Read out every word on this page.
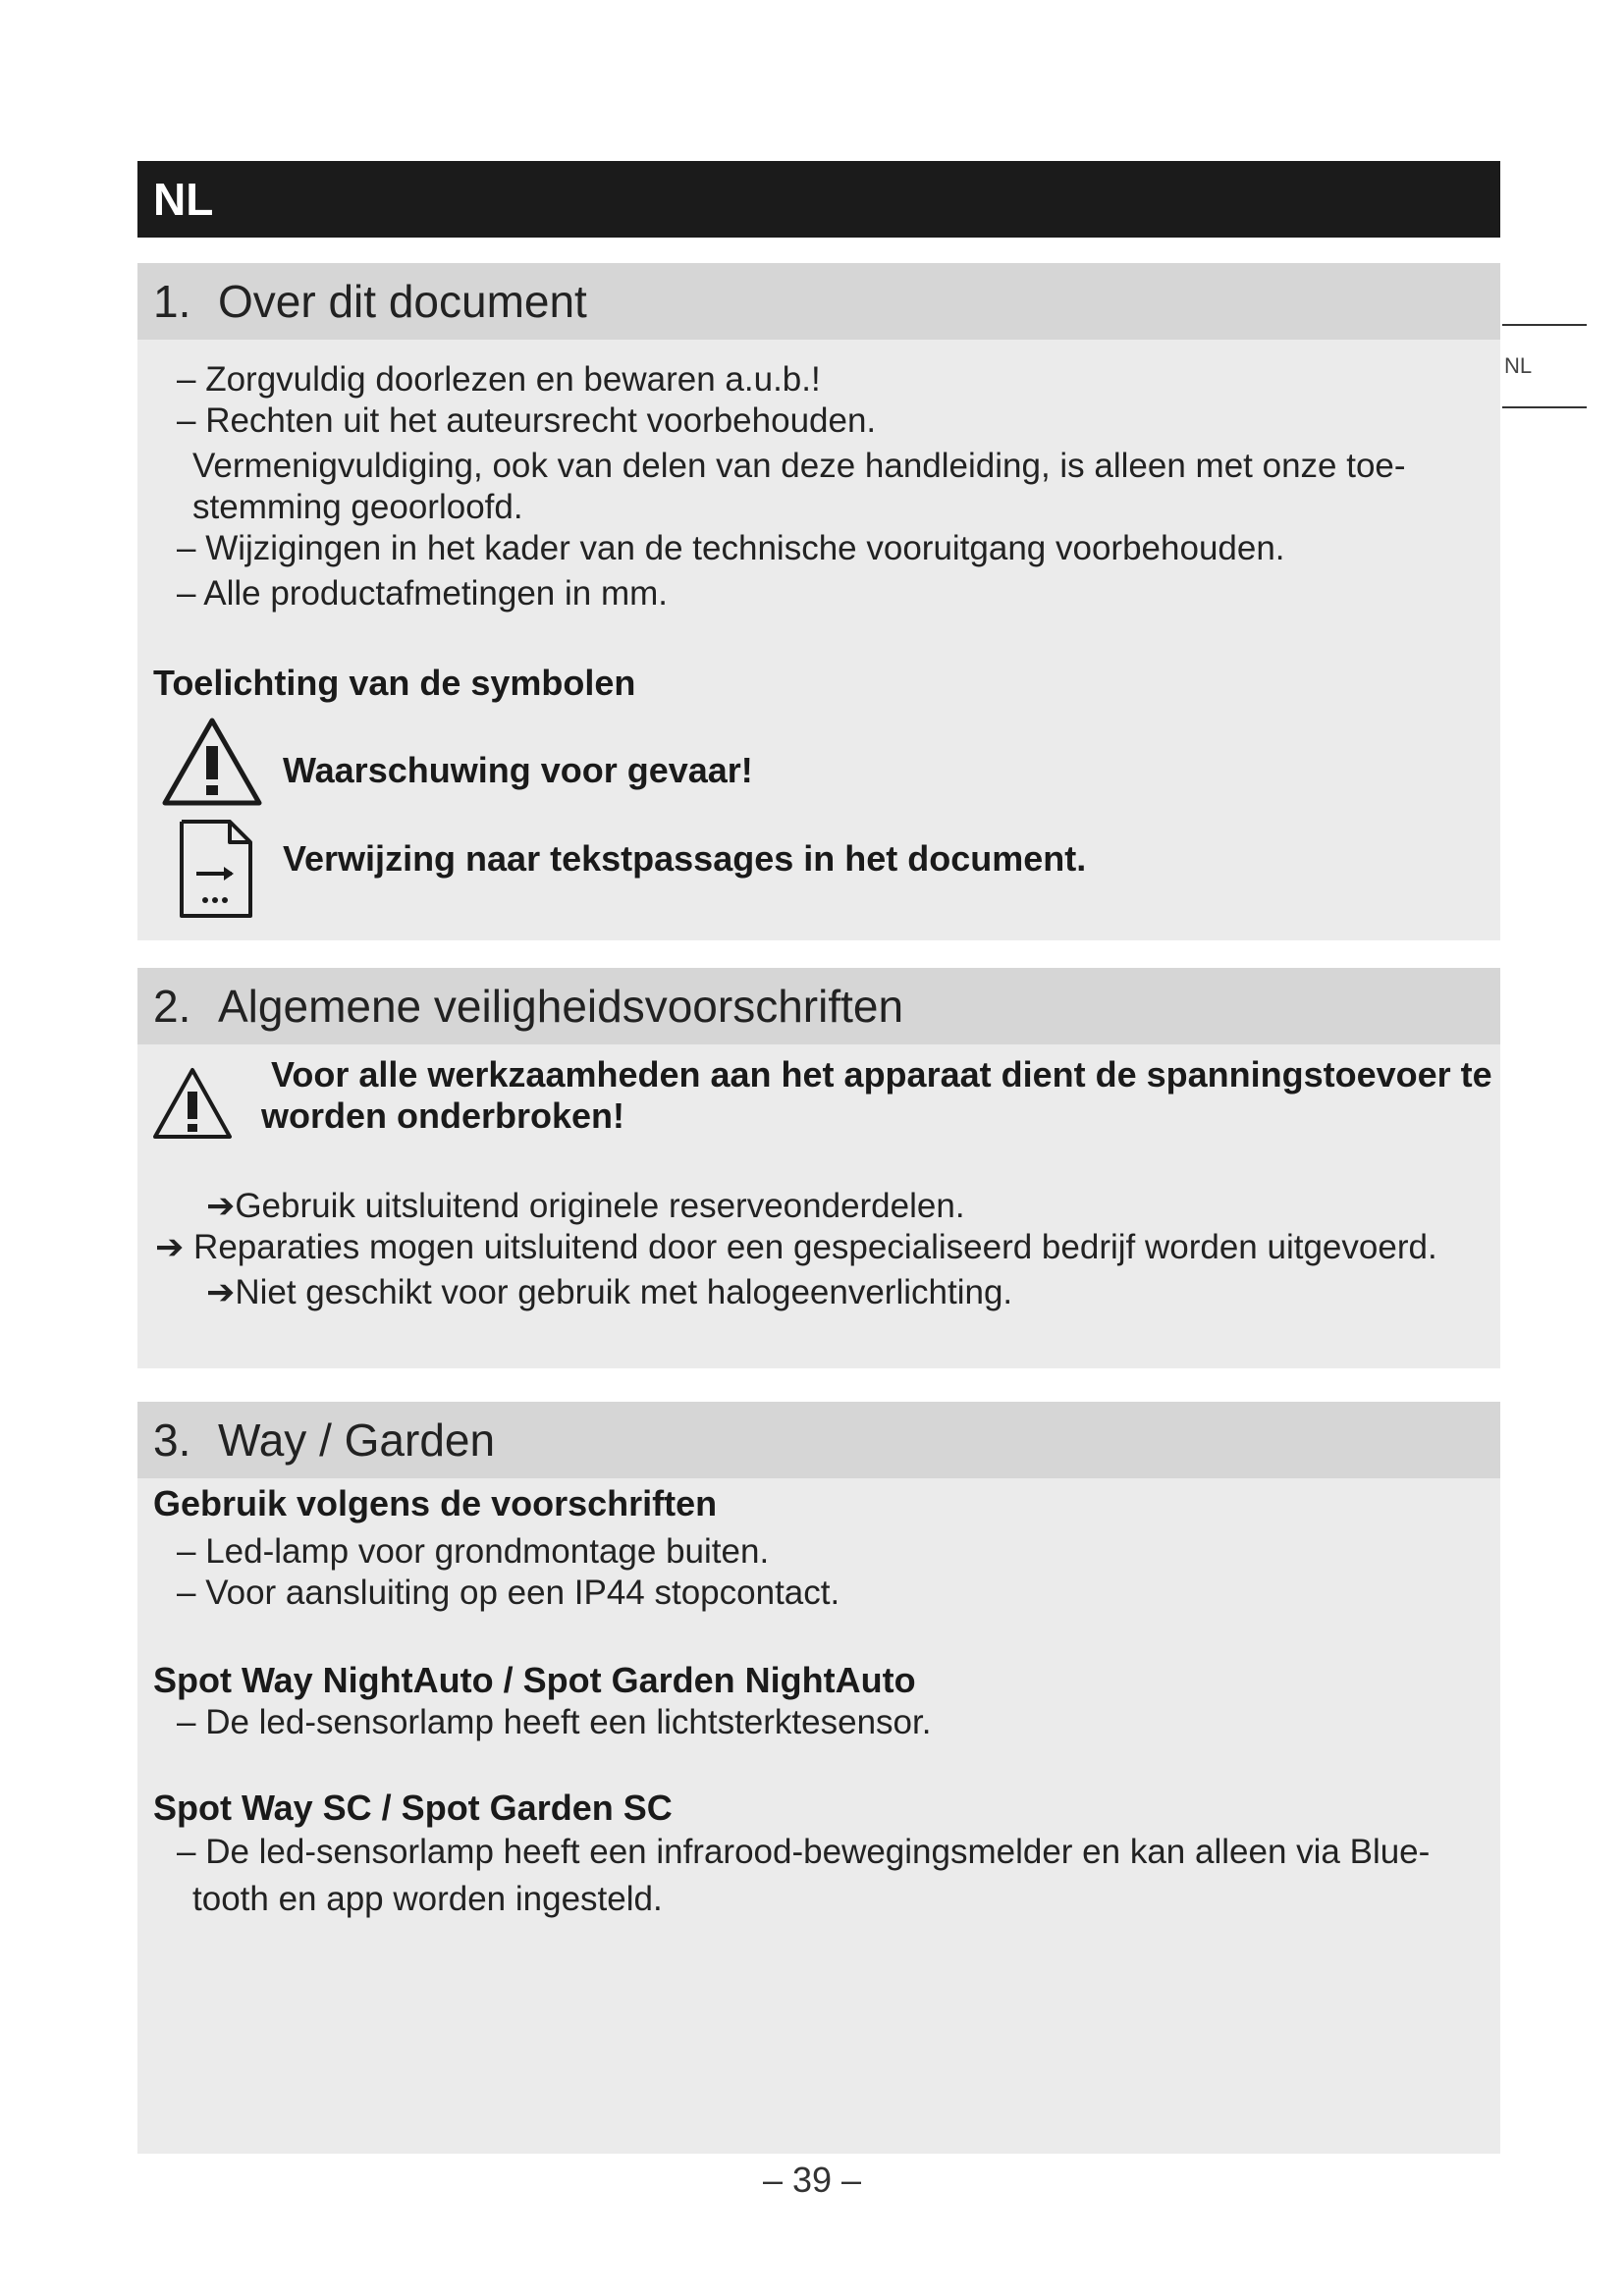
NL
NL
1. Over dit document
– Zorgvuldig doorlezen en bewaren a.u.b.!
– Rechten uit het auteursrecht voorbehouden.
Vermenigvuldiging, ook van delen van deze handleiding, is alleen met onze toe-
stemming geoorloofd.
– Wijzigingen in het kader van de technische vooruitgang voorbehouden.
– Alle productafmetingen in mm.
Toelichting van de symbolen
Waarschuwing voor gevaar!
Verwijzing naar tekstpassages in het document.
2. Algemene veiligheidsvoorschriften
Voor alle werkzaamheden aan het apparaat dient de spanningstoevoer te
worden onderbroken!
➔Gebruik uitsluitend originele reserveonderdelen.
➔ Reparaties mogen uitsluitend door een gespecialiseerd bedrijf worden uitgevoerd.
➔Niet geschikt voor gebruik met halogeenverlichting.
3. Way / Garden
Gebruik volgens de voorschriften
– Led-lamp voor grondmontage buiten.
– Voor aansluiting op een IP44 stopcontact.
Spot Way NightAuto / Spot Garden NightAuto
– De led-sensorlamp heeft een lichtsterktesensor.
Spot Way SC / Spot Garden SC
– De led-sensorlamp heeft een infrarood-bewegingsmelder en kan alleen via Blue-
tooth en app worden ingesteld.
– 39 –
